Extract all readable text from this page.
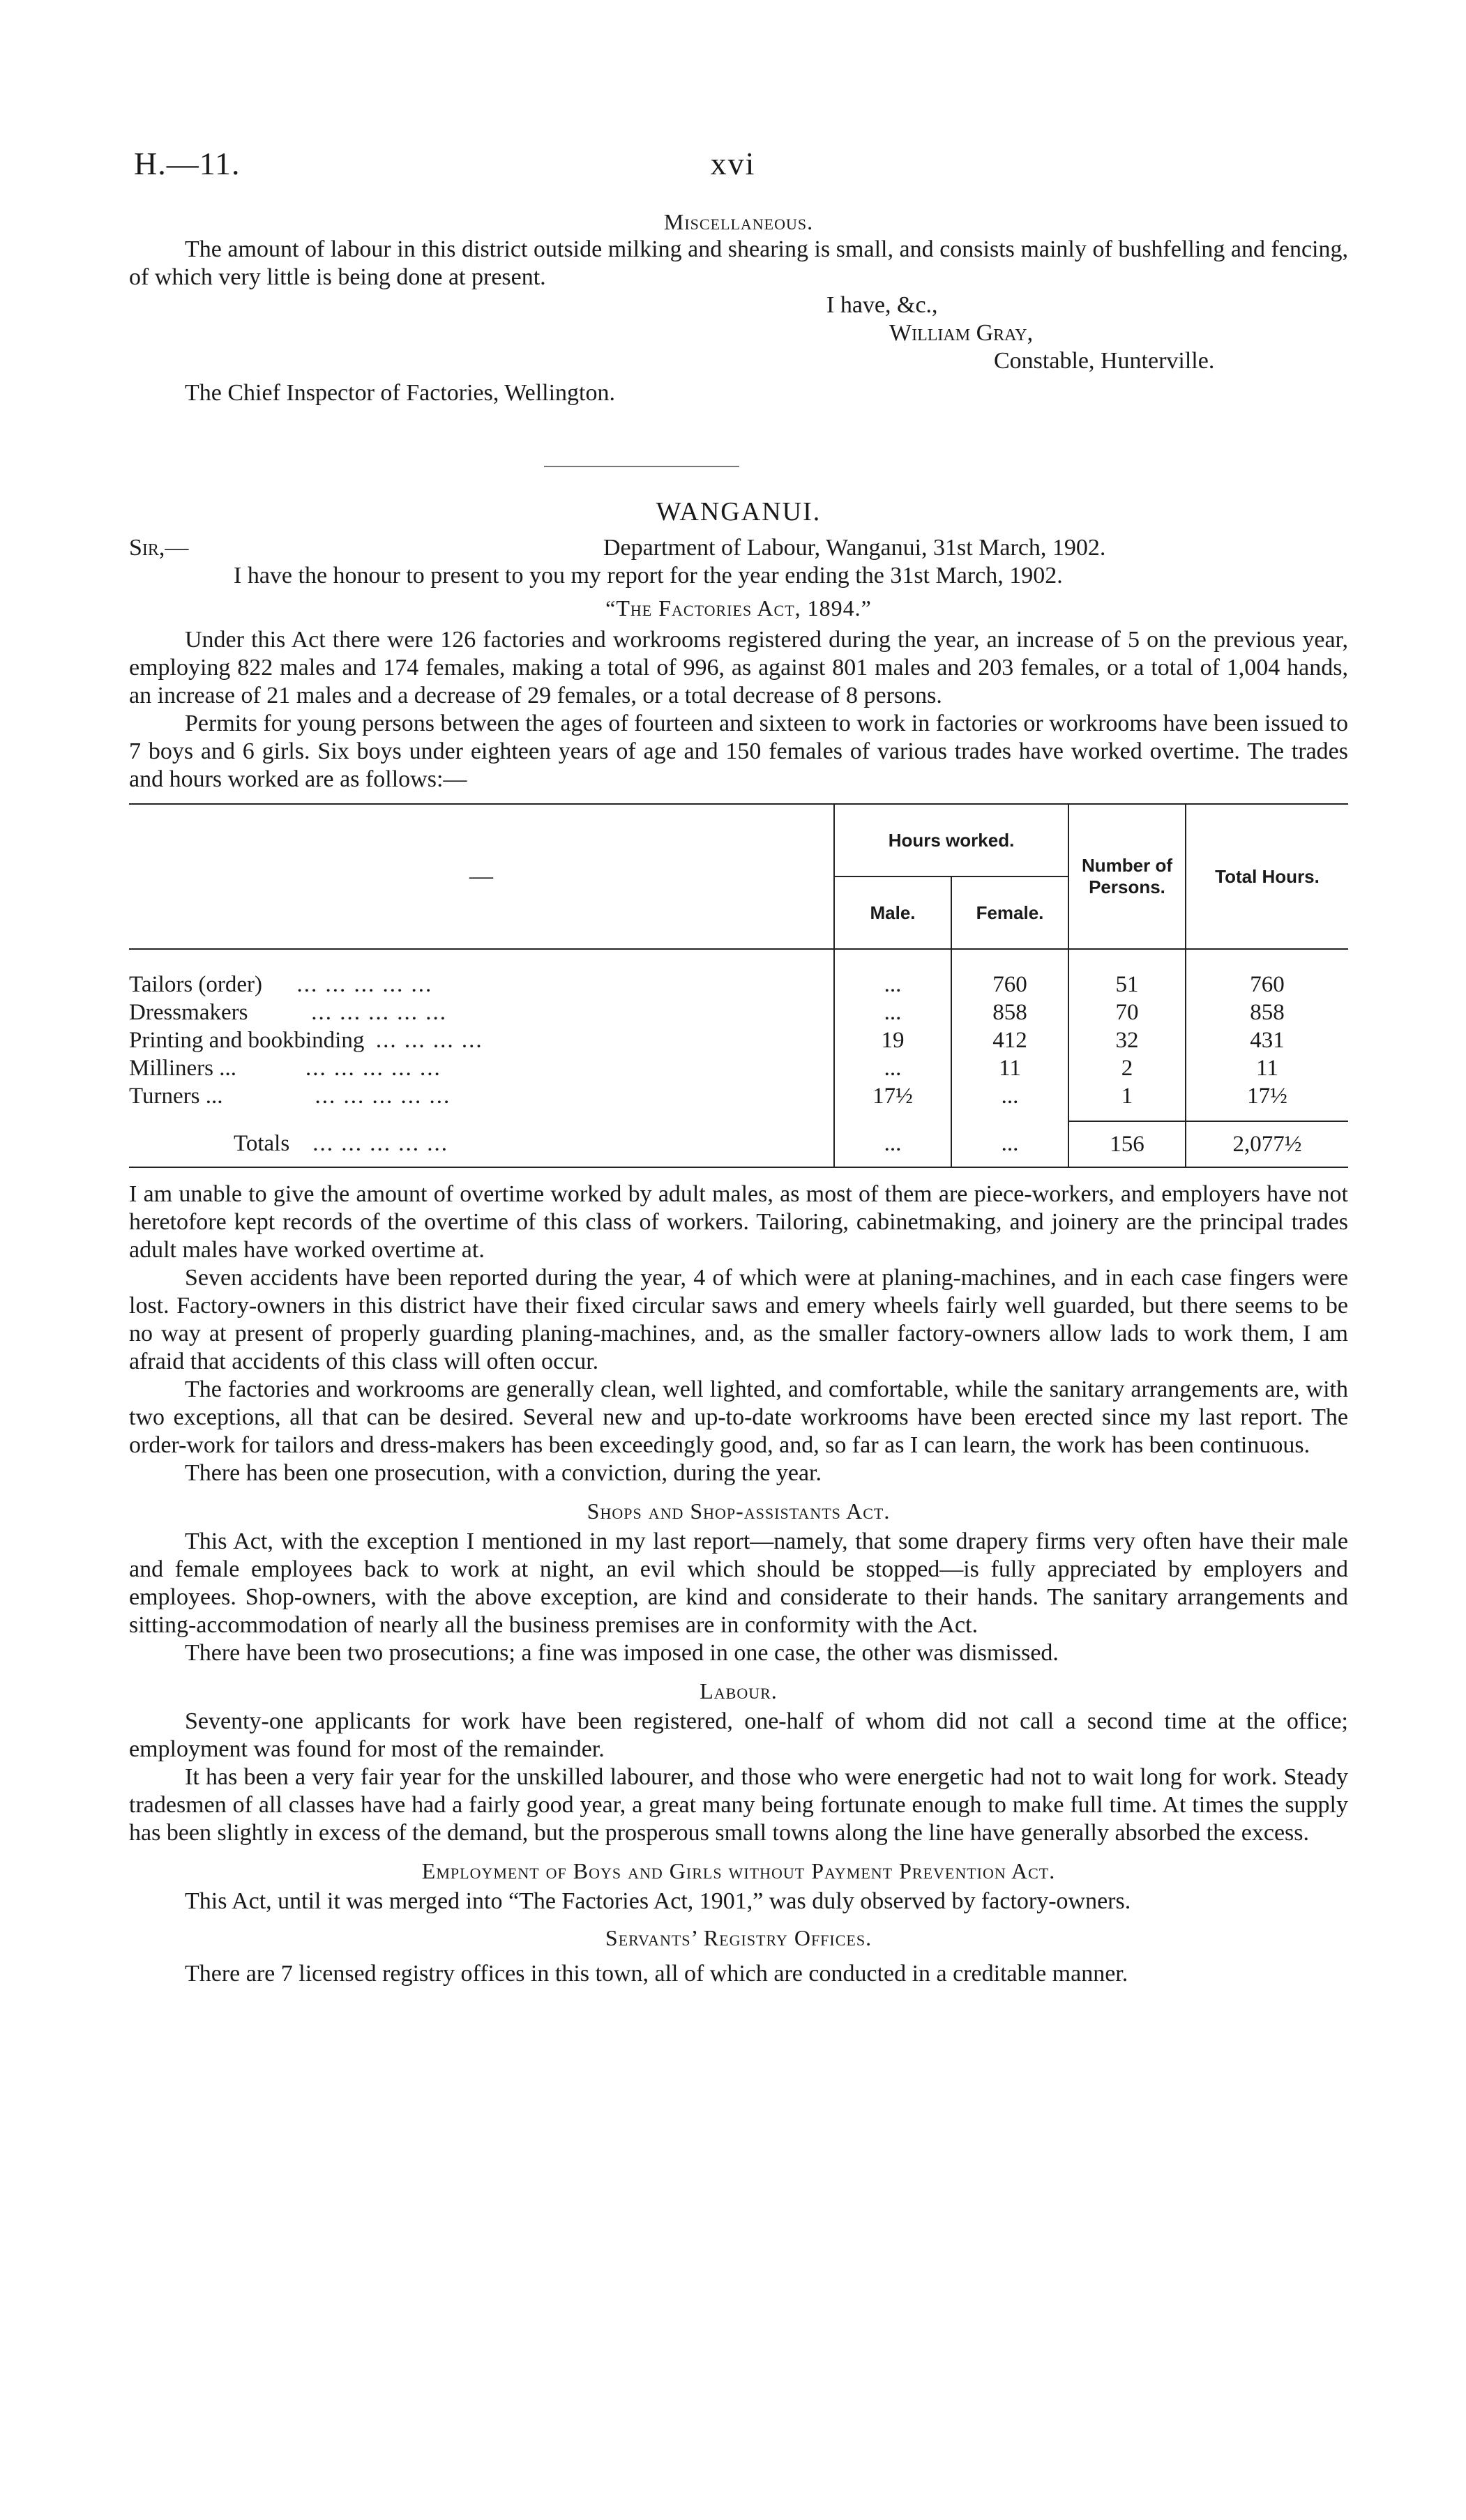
H.—11.	xvi

Miscellaneous.

The amount of labour in this district outside milking and shearing is small, and consists mainly of bushfelling and fencing, of which very little is being done at present.

I have, &c.,

William Gray,

Constable, Hunterville.

The Chief Inspector of Factories, Wellington.

WANGANUI.

Sir,—	Department of Labour, Wanganui, 31st March, 1902.

I have the honour to present to you my report for the year ending the 31st March, 1902.

“The Factories Act, 1894.”

Under this Act there were 126 factories and workrooms registered during the year, an increase of 5 on the previous year, employing 822 males and 174 females, making a total of 996, as against 801 males and 203 females, or a total of 1,004 hands, an increase of 21 males and a decrease of 29 females, or a total decrease of 8 persons.

Permits for young persons between the ages of fourteen and sixteen to work in factories or workrooms have been issued to 7 boys and 6 girls. Six boys under eighteen years of age and 150 females of various trades have worked overtime. The trades and hours worked are as follows:—

—	Hours worked.		Number of Persons.	Total Hours.
	Male.	Female.		

Tailors (order) ... ... ... ... ...	...	760	51	760
Dressmakers ... ... ... ... ...	...	858	70	858
Printing and bookbinding ... ... ... ...	19	412	32	431
Milliners ... ... ... ... ... ...	...	11	2	11
Turners ... ... ... ... ... ...	17½	...	1	17½

Totals ... ... ... ... ...	...	...	156	2,077½

I am unable to give the amount of overtime worked by adult males, as most of them are piece-workers, and employers have not heretofore kept records of the overtime of this class of workers. Tailoring, cabinetmaking, and joinery are the principal trades adult males have worked overtime at.

Seven accidents have been reported during the year, 4 of which were at planing-machines, and in each case fingers were lost. Factory-owners in this district have their fixed circular saws and emery wheels fairly well guarded, but there seems to be no way at present of properly guarding planing-machines, and, as the smaller factory-owners allow lads to work them, I am afraid that accidents of this class will often occur.

The factories and workrooms are generally clean, well lighted, and comfortable, while the sanitary arrangements are, with two exceptions, all that can be desired. Several new and up-to-date workrooms have been erected since my last report. The order-work for tailors and dress-makers has been exceedingly good, and, so far as I can learn, the work has been continuous.

There has been one prosecution, with a conviction, during the year.

Shops and Shop-assistants Act.

This Act, with the exception I mentioned in my last report—namely, that some drapery firms very often have their male and female employees back to work at night, an evil which should be stopped—is fully appreciated by employers and employees. Shop-owners, with the above exception, are kind and considerate to their hands. The sanitary arrangements and sitting-accommodation of nearly all the business premises are in conformity with the Act.

There have been two prosecutions; a fine was imposed in one case, the other was dismissed.

Labour.

Seventy-one applicants for work have been registered, one-half of whom did not call a second time at the office; employment was found for most of the remainder.

It has been a very fair year for the unskilled labourer, and those who were energetic had not to wait long for work. Steady tradesmen of all classes have had a fairly good year, a great many being fortunate enough to make full time. At times the supply has been slightly in excess of the demand, but the prosperous small towns along the line have generally absorbed the excess.

Employment of Boys and Girls without Payment Prevention Act.

This Act, until it was merged into “The Factories Act, 1901,” was duly observed by factory-owners.

Servants’ Registry Offices.

There are 7 licensed registry offices in this town, all of which are conducted in a creditable manner.
